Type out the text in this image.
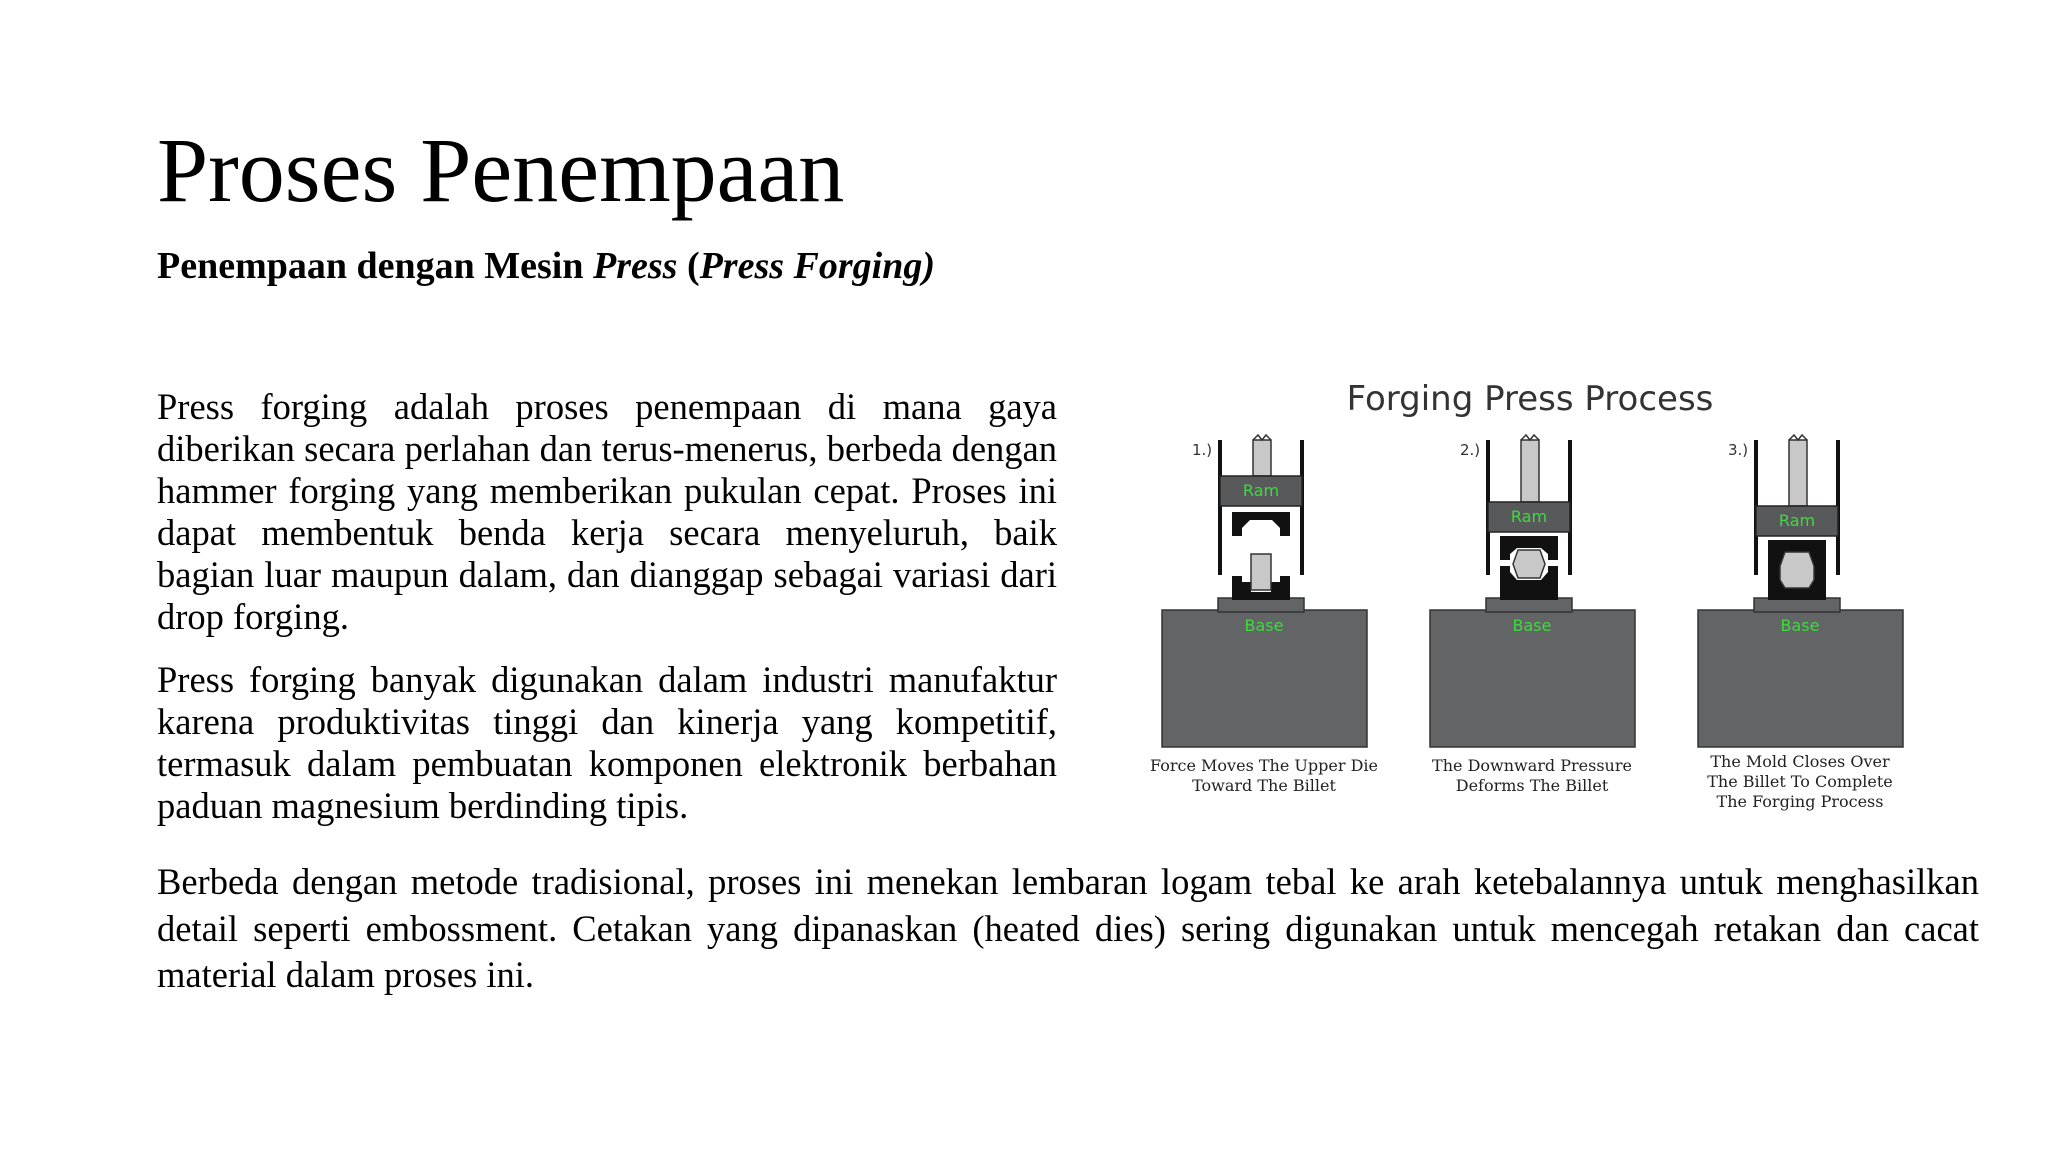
Proses Penempaan
Penempaan dengan Mesin Press (Press Forging)

Press forging adalah proses penempaan di mana gaya diberikan secara perlahan dan terus-menerus, berbeda dengan hammer forging yang memberikan pukulan cepat. Proses ini dapat membentuk benda kerja secara menyeluruh, baik bagian luar maupun dalam, dan dianggap sebagai variasi dari drop forging.

Press forging banyak digunakan dalam industri manufaktur karena produktivitas tinggi dan kinerja yang kompetitif, termasuk dalam pembuatan komponen elektronik berbahan paduan magnesium berdinding tipis.

Berbeda dengan metode tradisional, proses ini menekan lembaran logam tebal ke arah ketebalannya untuk menghasilkan detail seperti embossment. Cetakan yang dipanaskan (heated dies) sering digunakan untuk mencegah retakan dan cacat material dalam proses ini.

Forging Press Process
1.)
Base
Ram
Force Moves The Upper Die
Toward The Billet
2.)
Base
Ram
The Downward Pressure
Deforms The Billet
3.)
Base
Ram
The Mold Closes Over
The Billet To Complete
The Forging Process
